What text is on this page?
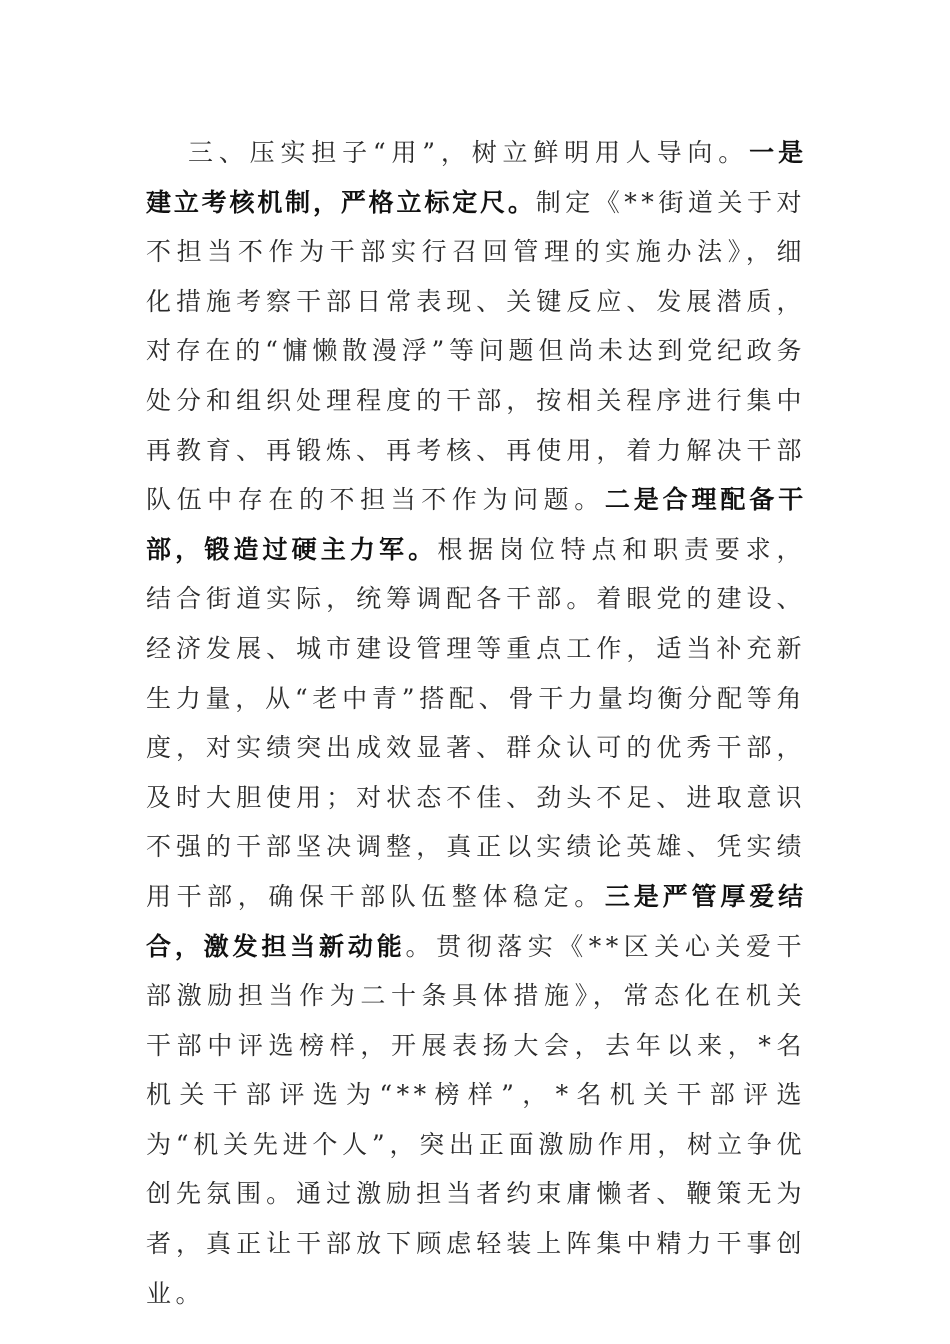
三、压实担子“用”，树立鲜明用人导向。一是建立考核机制，严格立标定尺。制定《**街道关于对不担当不作为干部实行召回管理的实施办法》，细化措施考察干部日常表现、关键反应、发展潜质，对存在的“慵懒散漫浮”等问题但尚未达到党纪政务处分和组织处理程度的干部，按相关程序进行集中再教育、再锻炼、再考核、再使用，着力解决干部队伍中存在的不担当不作为问题。二是合理配备干部，锻造过硬主力军。根据岗位特点和职责要求，结合街道实际，统筹调配各干部。着眼党的建设、经济发展、城市建设管理等重点工作，适当补充新生力量，从“老中青”搭配、骨干力量均衡分配等角度，对实绩突出成效显著、群众认可的优秀干部，及时大胆使用；对状态不佳、劲头不足、进取意识不强的干部坚决调整，真正以实绩论英雄、凭实绩用干部，确保干部队伍整体稳定。三是严管厚爱结合，激发担当新动能。贯彻落实《**区关心关爱干部激励担当作为二十条具体措施》，常态化在机关干部中评选榜样，开展表扬大会，去年以来，*名机关干部评选为“**榜样”，*名机关干部评选为“机关先进个人”，突出正面激励作用，树立争优创先氛围。通过激励担当者约束庸懒者、鞭策无为者，真正让干部放下顾虑轻装上阵集中精力干事创业。
